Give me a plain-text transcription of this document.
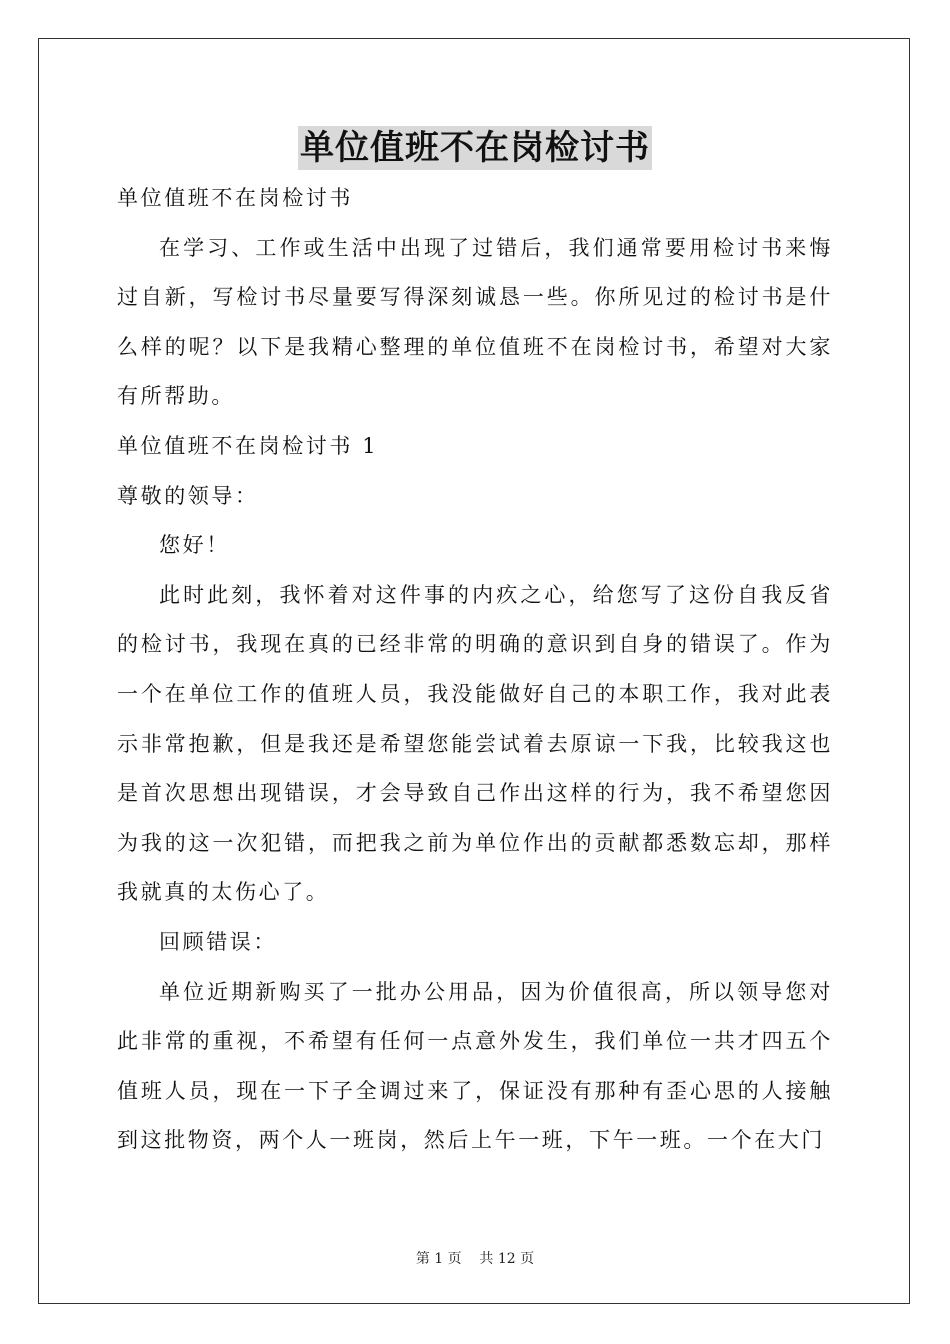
单位值班不在岗检讨书

单位值班不在岗检讨书

在学习、工作或生活中出现了过错后，我们通常要用检讨书来悔过自新，写检讨书尽量要写得深刻诚恳一些。你所见过的检讨书是什么样的呢？以下是我精心整理的单位值班不在岗检讨书，希望对大家有所帮助。

单位值班不在岗检讨书 1

尊敬的领导：

您好！

此时此刻，我怀着对这件事的内疚之心，给您写了这份自我反省的检讨书，我现在真的已经非常的明确的意识到自身的错误了。作为一个在单位工作的值班人员，我没能做好自己的本职工作，我对此表示非常抱歉，但是我还是希望您能尝试着去原谅一下我，比较我这也是首次思想出现错误，才会导致自己作出这样的行为，我不希望您因为我的这一次犯错，而把我之前为单位作出的贡献都悉数忘却，那样我就真的太伤心了。

回顾错误：

单位近期新购买了一批办公用品，因为价值很高，所以领导您对此非常的重视，不希望有任何一点意外发生，我们单位一共才四五个值班人员，现在一下子全调过来了，保证没有那种有歪心思的人接触到这批物资，两个人一班岗，然后上午一班，下午一班。一个在大门

第 1 页    共 12 页
